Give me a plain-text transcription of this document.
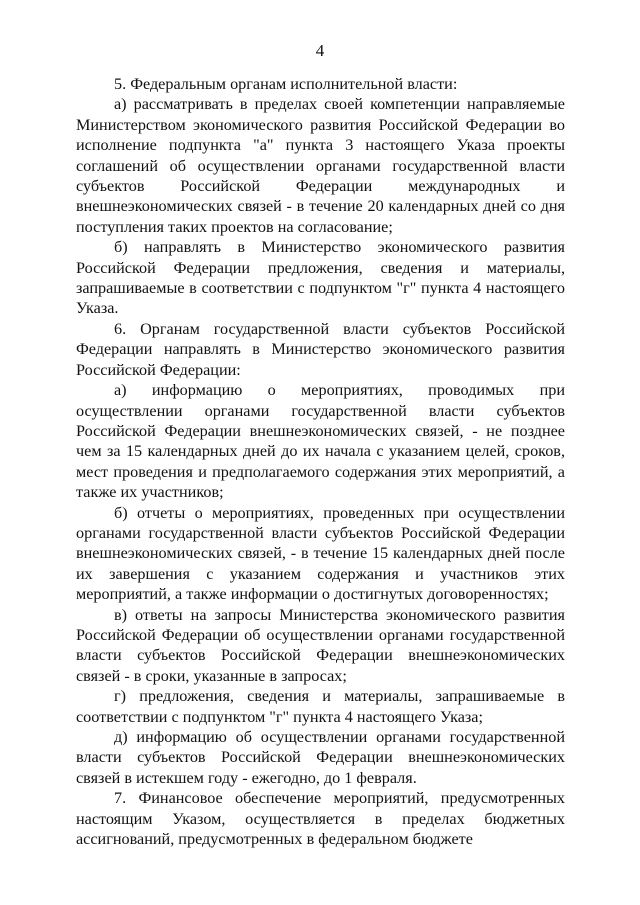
4

5. Федеральным органам исполнительной власти:

а) рассматривать в пределах своей компетенции направляемые Министерством экономического развития Российской Федерации во исполнение подпункта "а" пункта 3 настоящего Указа проекты соглашений об осуществлении органами государственной власти субъектов Российской Федерации международных и внешнеэкономических связей - в течение 20 календарных дней со дня поступления таких проектов на согласование;

б) направлять в Министерство экономического развития Российской Федерации предложения, сведения и материалы, запрашиваемые в соответствии с подпунктом "г" пункта 4 настоящего Указа.

6. Органам государственной власти субъектов Российской Федерации направлять в Министерство экономического развития Российской Федерации:

а) информацию о мероприятиях, проводимых при осуществлении органами государственной власти субъектов Российской Федерации внешнеэкономических связей, - не позднее чем за 15 календарных дней до их начала с указанием целей, сроков, мест проведения и предполагаемого содержания этих мероприятий, а также их участников;

б) отчеты о мероприятиях, проведенных при осуществлении органами государственной власти субъектов Российской Федерации внешнеэкономических связей, - в течение 15 календарных дней после их завершения с указанием содержания и участников этих мероприятий, а также информации о достигнутых договоренностях;

в) ответы на запросы Министерства экономического развития Российской Федерации об осуществлении органами государственной власти субъектов Российской Федерации внешнеэкономических связей - в сроки, указанные в запросах;

г) предложения, сведения и материалы, запрашиваемые в соответствии с подпунктом "г" пункта 4 настоящего Указа;

д) информацию об осуществлении органами государственной власти субъектов Российской Федерации внешнеэкономических связей в истекшем году - ежегодно, до 1 февраля.

7. Финансовое обеспечение мероприятий, предусмотренных настоящим Указом, осуществляется в пределах бюджетных ассигнований, предусмотренных в федеральном бюджете
